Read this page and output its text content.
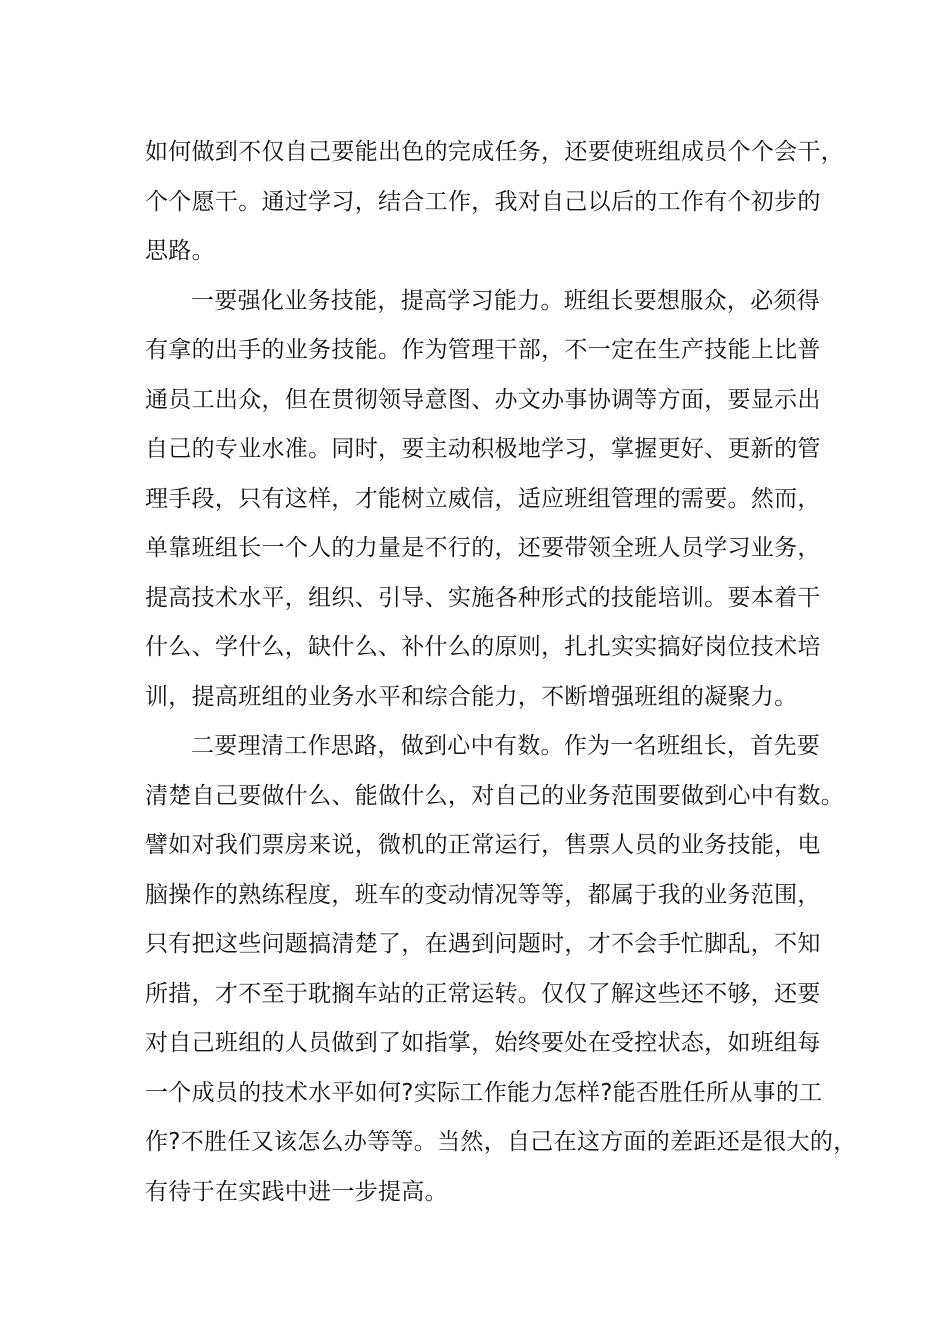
如何做到不仅自己要能出色的完成任务，还要使班组成员个个会干，
个个愿干。通过学习，结合工作，我对自己以后的工作有个初步的
思路。
一要强化业务技能，提高学习能力。班组长要想服众，必须得
有拿的出手的业务技能。作为管理干部，不一定在生产技能上比普
通员工出众，但在贯彻领导意图、办文办事协调等方面，要显示出
自己的专业水准。同时，要主动积极地学习，掌握更好、更新的管
理手段，只有这样，才能树立威信，适应班组管理的需要。然而，
单靠班组长一个人的力量是不行的，还要带领全班人员学习业务，
提高技术水平，组织、引导、实施各种形式的技能培训。要本着干
什么、学什么，缺什么、补什么的原则，扎扎实实搞好岗位技术培
训，提高班组的业务水平和综合能力，不断增强班组的凝聚力。
二要理清工作思路，做到心中有数。作为一名班组长，首先要
清楚自己要做什么、能做什么，对自己的业务范围要做到心中有数。
譬如对我们票房来说，微机的正常运行，售票人员的业务技能，电
脑操作的熟练程度，班车的变动情况等等，都属于我的业务范围，
只有把这些问题搞清楚了，在遇到问题时，才不会手忙脚乱，不知
所措，才不至于耽搁车站的正常运转。仅仅了解这些还不够，还要
对自己班组的人员做到了如指掌，始终要处在受控状态，如班组每
一个成员的技术水平如何?实际工作能力怎样?能否胜任所从事的工
作?不胜任又该怎么办等等。当然，自己在这方面的差距还是很大的，
有待于在实践中进一步提高。
